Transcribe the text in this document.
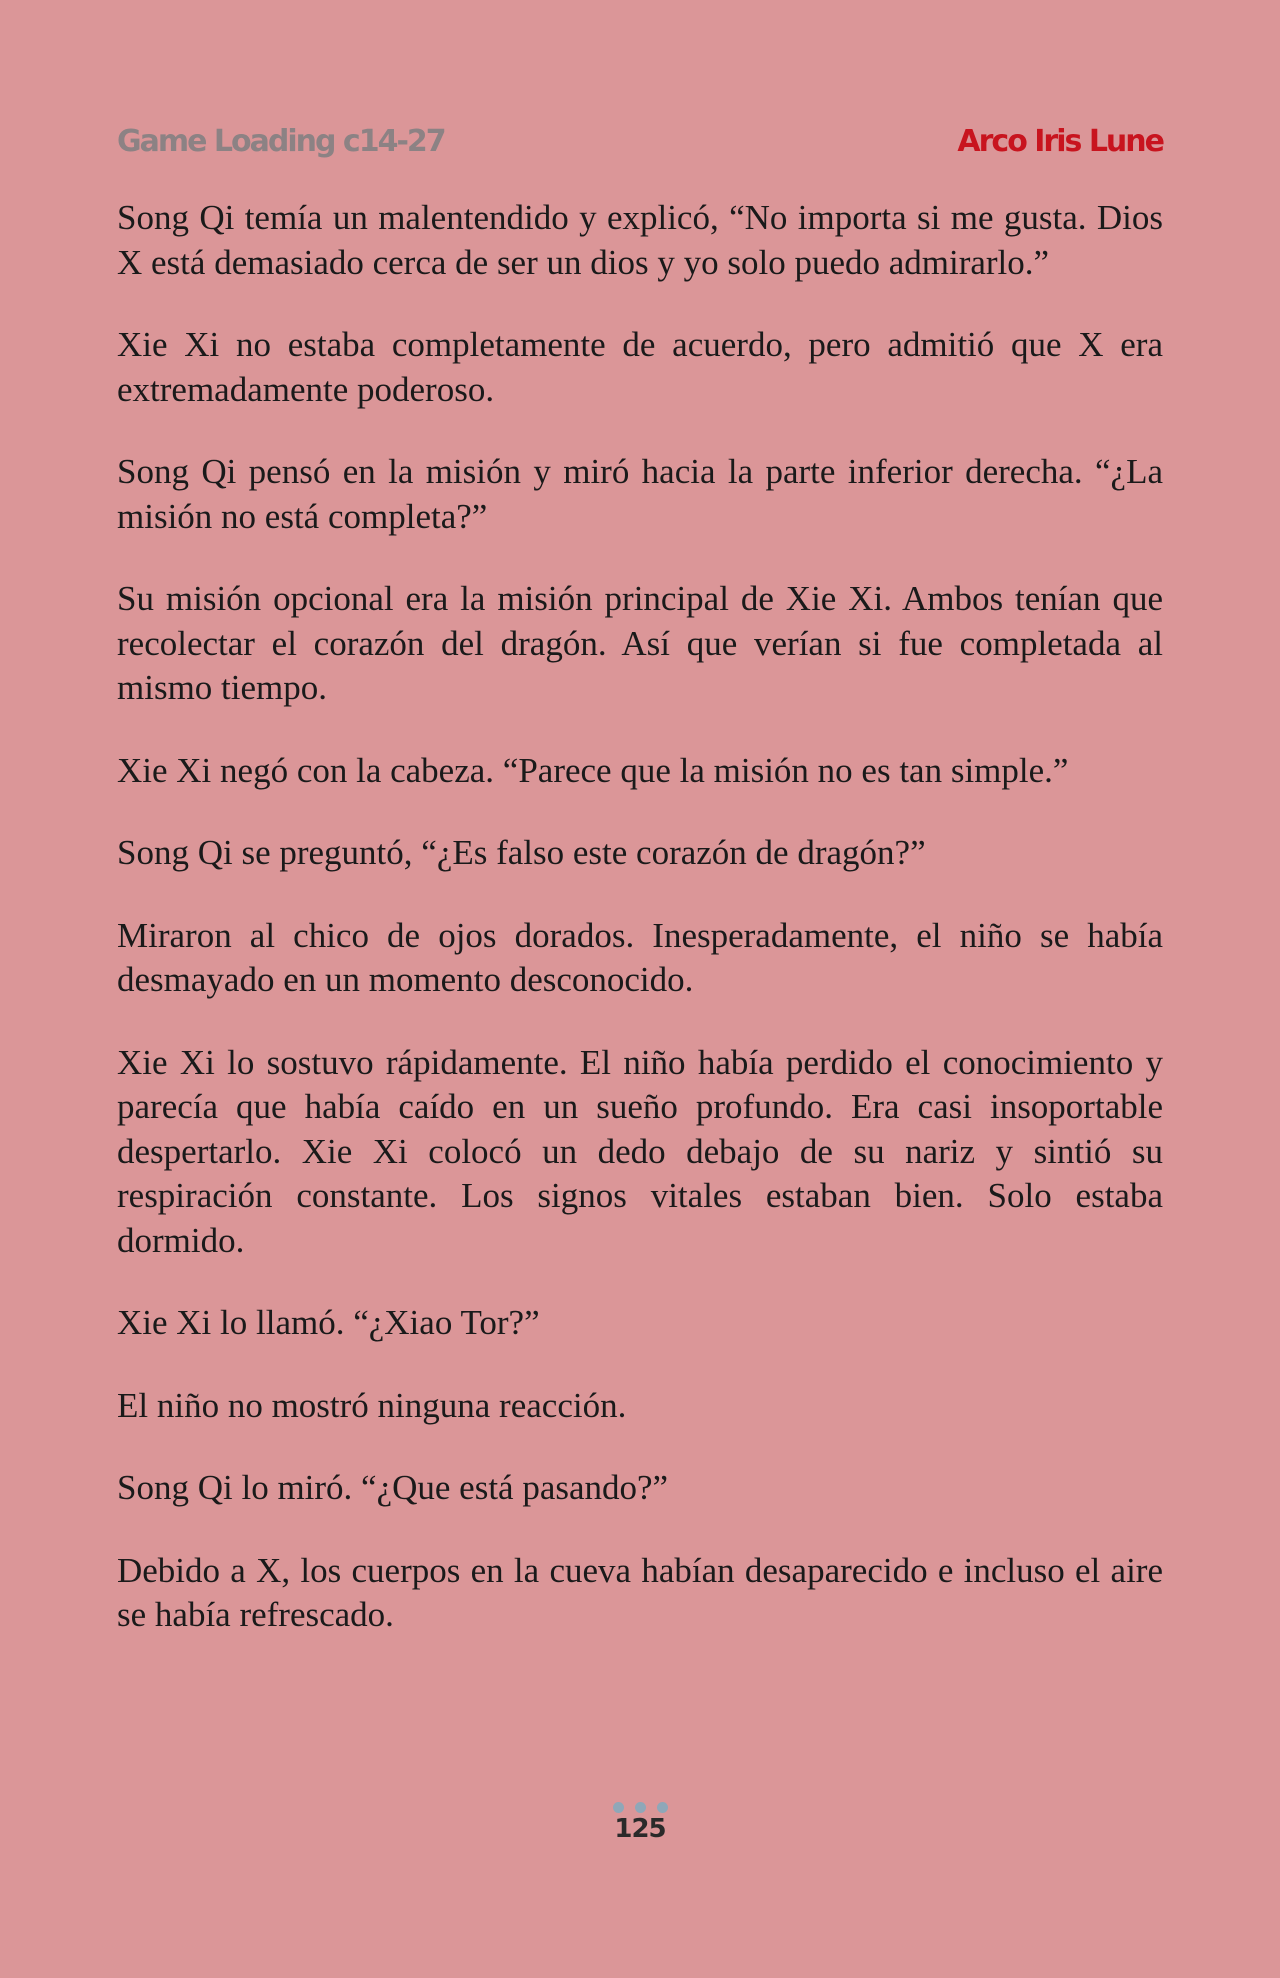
Game Loading c14-27	Arco Iris Lune

Song Qi temía un malentendido y explicó, “No importa si me gusta. Dios X está demasiado cerca de ser un dios y yo solo puedo admirarlo.”

Xie Xi no estaba completamente de acuerdo, pero admitió que X era extremadamente poderoso.

Song Qi pensó en la misión y miró hacia la parte inferior derecha. “¿La misión no está completa?”

Su misión opcional era la misión principal de Xie Xi. Ambos tenían que recolectar el corazón del dragón. Así que verían si fue completada al mismo tiempo.

Xie Xi negó con la cabeza. “Parece que la misión no es tan simple.”

Song Qi se preguntó, “¿Es falso este corazón de dragón?”

Miraron al chico de ojos dorados. Inesperadamente, el niño se había desmayado en un momento desconocido.

Xie Xi lo sostuvo rápidamente. El niño había perdido el conocimiento y parecía que había caído en un sueño profundo. Era casi insoportable despertarlo. Xie Xi colocó un dedo debajo de su nariz y sintió su respiración constante. Los signos vitales estaban bien. Solo estaba dormido.

Xie Xi lo llamó. “¿Xiao Tor?”

El niño no mostró ninguna reacción.

Song Qi lo miró. “¿Que está pasando?”

Debido a X, los cuerpos en la cueva habían desaparecido e incluso el aire se había refrescado.

125
